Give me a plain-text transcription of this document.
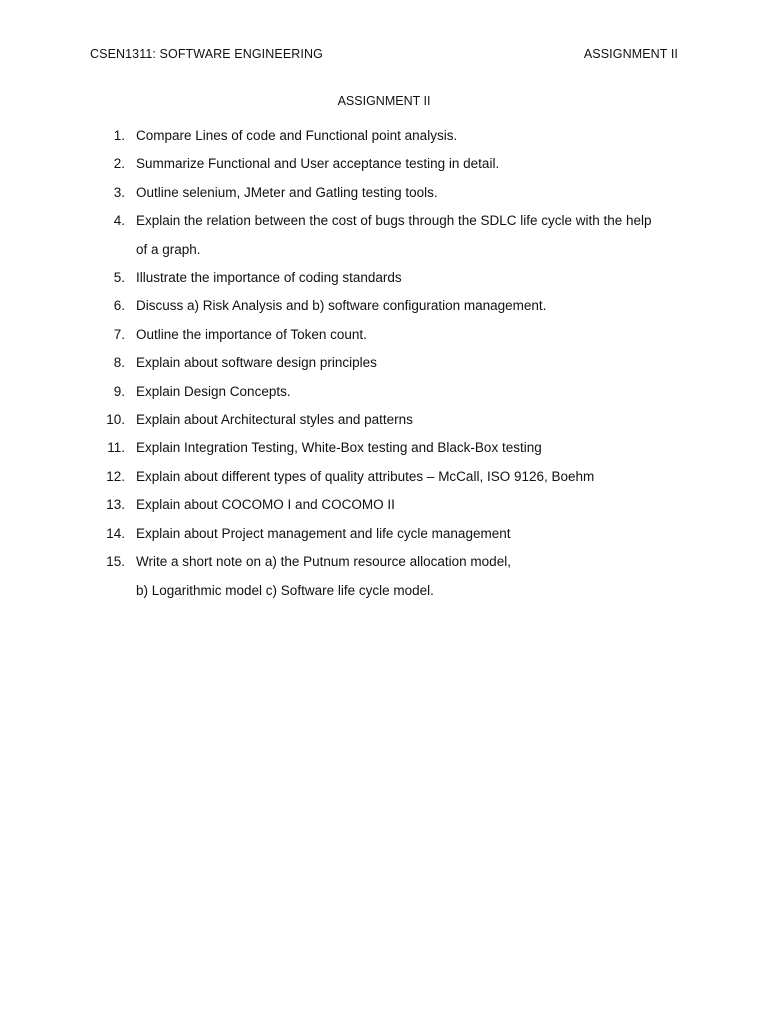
CSEN1311: SOFTWARE ENGINEERING	ASSIGNMENT II
ASSIGNMENT II
1. Compare Lines of code and Functional point analysis.
2. Summarize Functional and User acceptance testing in detail.
3. Outline selenium, JMeter and Gatling testing tools.
4. Explain the relation between the cost of bugs through the SDLC life cycle with the help
of a graph.
5. Illustrate the importance of coding standards
6. Discuss a) Risk Analysis and b) software configuration management.
7. Outline the importance of Token count.
8. Explain about software design principles
9. Explain Design Concepts.
10. Explain about Architectural styles and patterns
11. Explain Integration Testing, White-Box testing and Black-Box testing
12. Explain about different types of quality attributes – McCall, ISO 9126, Boehm
13. Explain about COCOMO I and COCOMO II
14. Explain about Project management and life cycle management
15. Write a short note on a) the Putnum resource allocation model,
b) Logarithmic model c) Software life cycle model.
